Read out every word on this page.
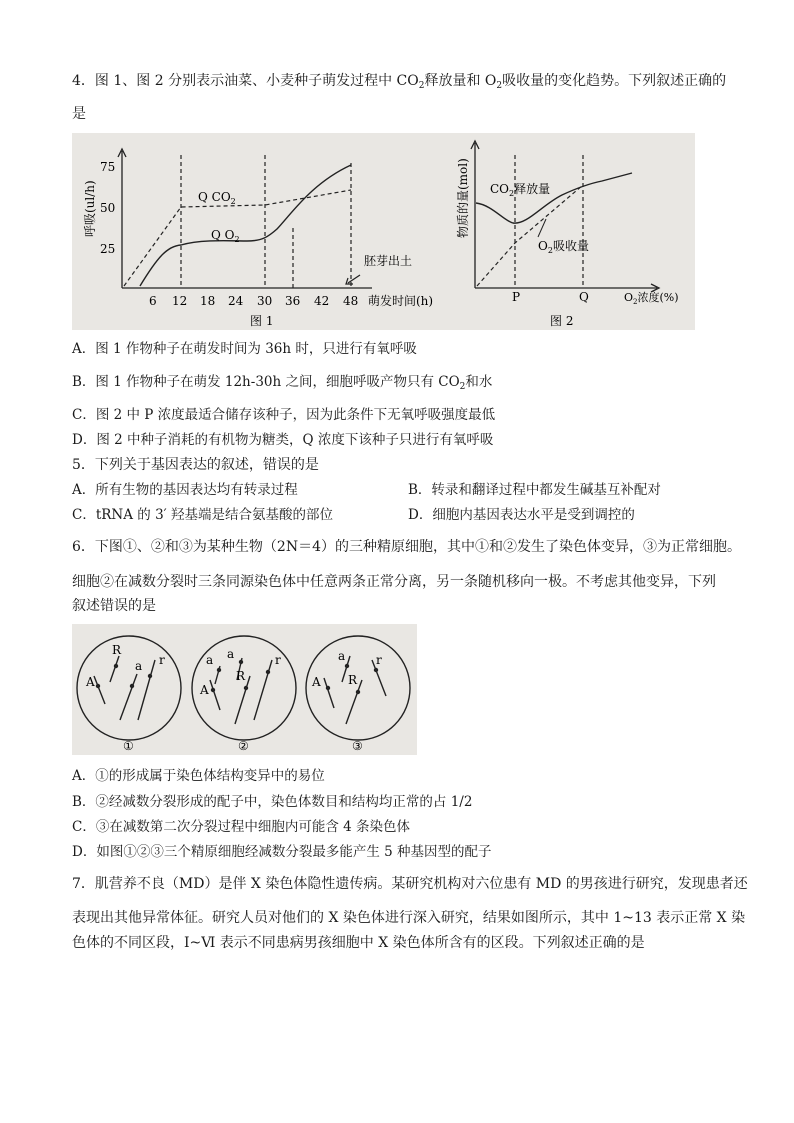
4．图 1、图 2 分别表示油菜、小麦种子萌发过程中 $CO_2$释放量和 $O_2$吸收量的变化趋势。下列叙述正确的
是
呼吸(ul/h)
75
50
25
6 12 18 24 30 36 42 48 萌发时间(h)
Q $CO_2$
Q $O_2$
胚芽出土
图 1
物质的量(mol) $CO_2$释放量
$O_2$吸收量
P	Q	$O_2$浓度(%)
图 2
A．图 1 作物种子在萌发时间为 36h 时，只进行有氧呼吸
B．图 1 作物种子在萌发 12h-30h 之间，细胞呼吸产物只有 $CO_2$和水
C．图 2 中 P 浓度最适合储存该种子，因为此条件下无氧呼吸强度最低
D．图 2 中种子消耗的有机物为糖类，Q 浓度下该种子只进行有氧呼吸
5．下列关于基因表达的叙述，错误的是
A．所有生物的基因表达均有转录过程	B．转录和翻译过程中都发生碱基互补配对
C．tRNA 的 3′ 羟基端是结合氨基酸的部位	D．细胞内基因表达水平是受到调控的
6．下图①、②和③为某种生物（2N＝4）的三种精原细胞，其中①和②发生了染色体变异，③为正常细胞。
细胞②在减数分裂时三条同源染色体中任意两条正常分离，另一条随机移向一极。不考虑其他变异，下列
叙述错误的是
R
A
a r
①
a a	r
A
R
②
a	r
A R
③
A．①的形成属于染色体结构变异中的易位
B．②经减数分裂形成的配子中，染色体数目和结构均正常的占 1/2
C．③在减数第二次分裂过程中细胞内可能含 4 条染色体
D．如图①②③三个精原细胞经减数分裂最多能产生 5 种基因型的配子
7．肌营养不良（MD）是伴 X 染色体隐性遗传病。某研究机构对六位患有 MD 的男孩进行研究，发现患者还
表现出其他异常体征。研究人员对他们的 X 染色体进行深入研究，结果如图所示，其中 1~13 表示正常 X 染
色体的不同区段，Ⅰ~Ⅵ 表示不同患病男孩细胞中 X 染色体所含有的区段。下列叙述正确的是
